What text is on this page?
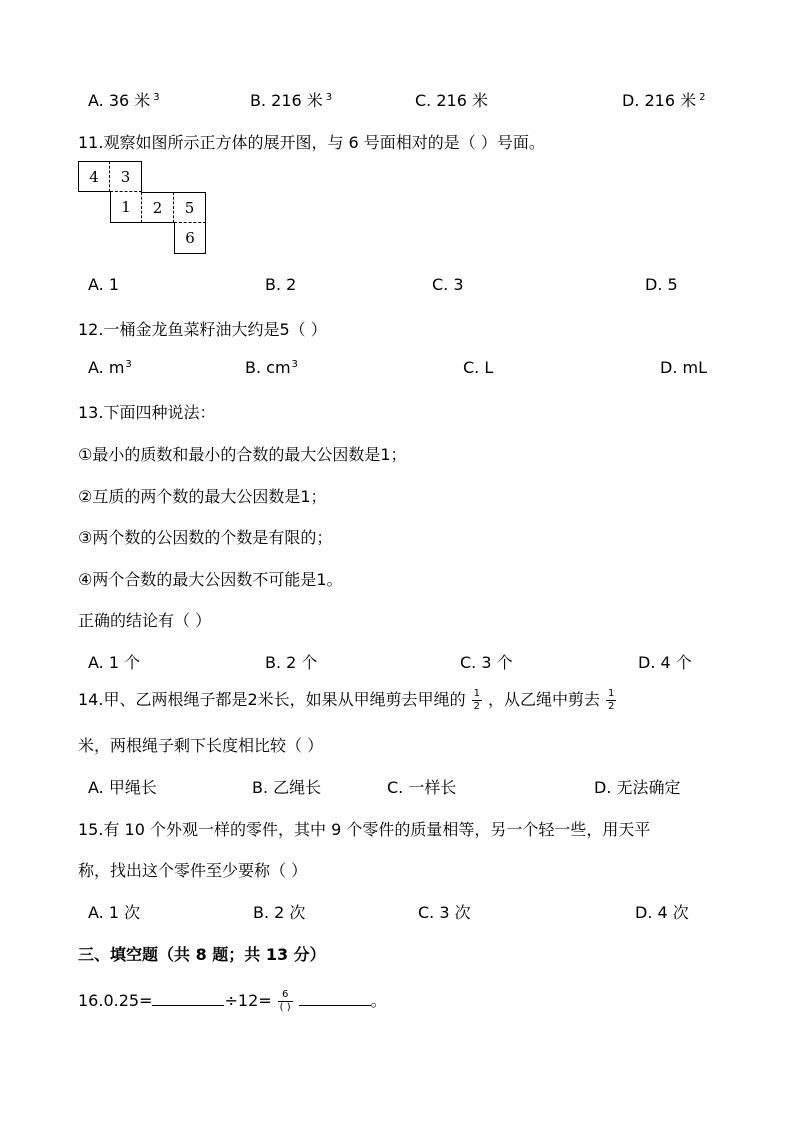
A. 36 米 $^3$	B. 216 米 $^3$	C. 216 米	D. 216 米 $^2$
11.观察如图所示正方体的展开图，与 6 号面相对的是（ ）号面。
4	3
1	2	5
6
A. 1	B. 2	C. 3	D. 5
12.一桶金龙鱼菜籽油大约是5（ ）
A. $m^3$	B. $cm^3$	C. L	D. mL
13.下面四种说法：
①最小的质数和最小的合数的最大公因数是1；
②互质的两个数的最大公因数是1；
③两个数的公因数的个数是有限的；
④两个合数的最大公因数不可能是1。
正确的结论有（ ）
A. 1 个	B. 2 个	C. 3 个	D. 4 个
14.甲、乙两根绳子都是2米长，如果从甲绳剪去甲绳的 $\frac{1}{2}$ ，从乙绳中剪去 $\frac{1}{2}$
米，两根绳子剩下长度相比较（ ）
A. 甲绳长	B. 乙绳长	C. 一样长	D. 无法确定
15.有 10 个外观一样的零件，其中 9 个零件的质量相等，另一个轻一些，用天平
称，找出这个零件至少要称（ ）
A. 1 次	B. 2 次	C. 3 次	D. 4 次
三、填空题（共 8 题；共 13 分）
16.0.25=	$\div 12= \frac{6}{( )}$	。
